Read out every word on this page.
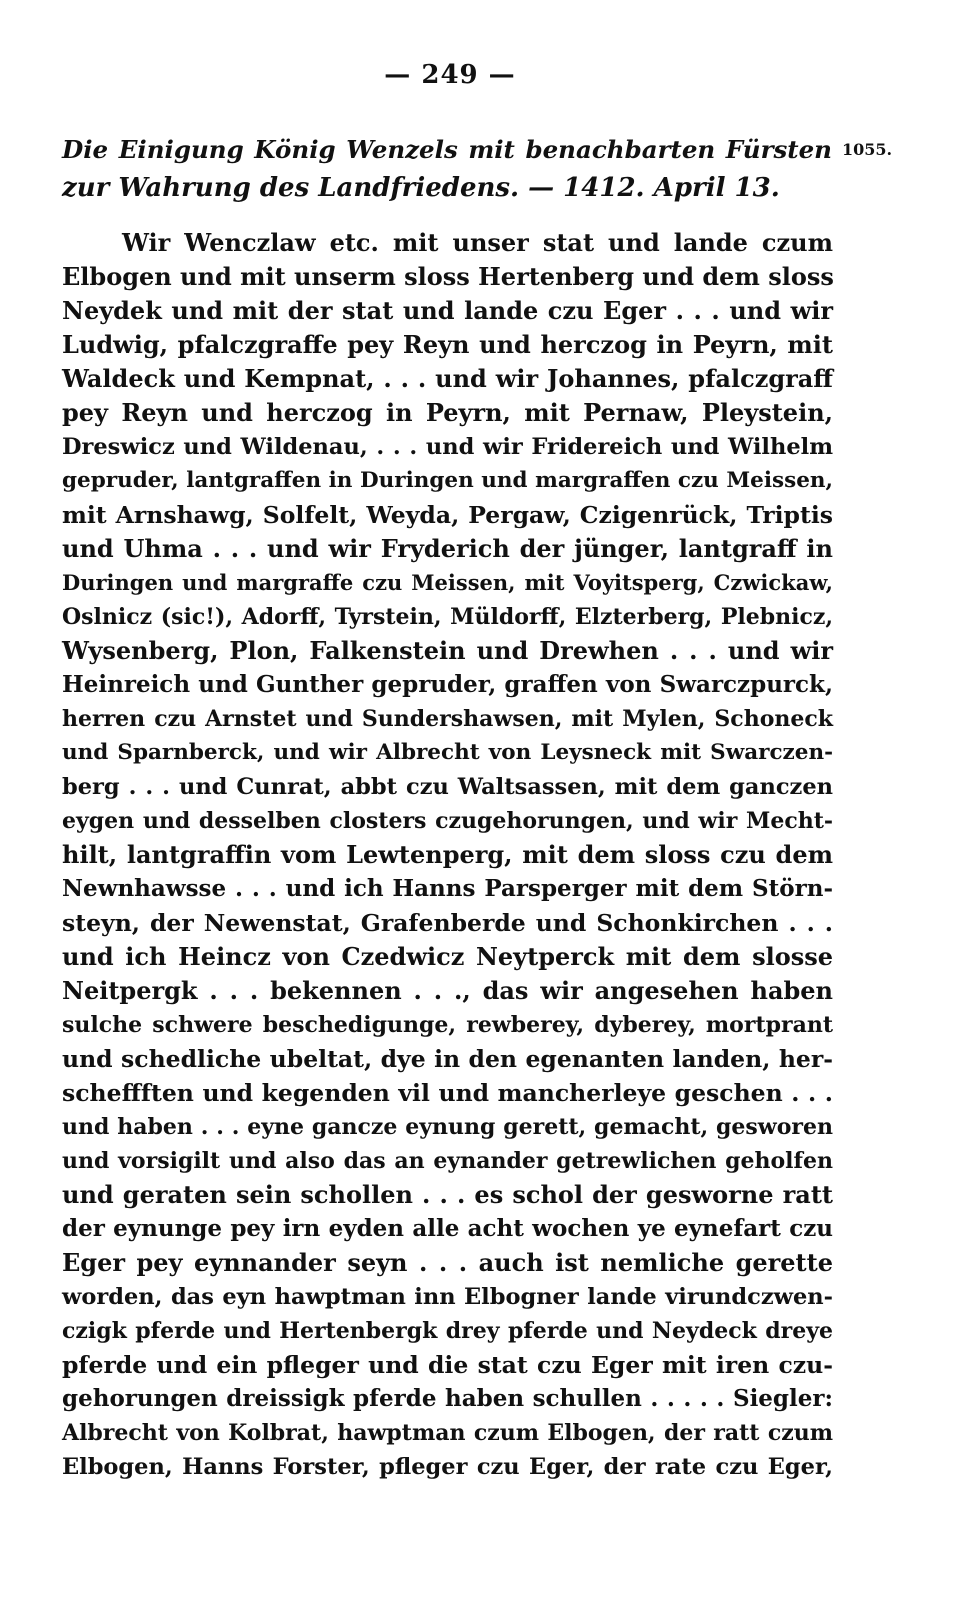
— 249 —
Die Einigung König Wenzels mit benachbarten Fürsten
zur Wahrung des Landfriedens. — 1412. April 13.
1055.
Wir Wenczlaw etc. mit unser stat und lande czum
Elbogen und mit unserm sloss Hertenberg und dem sloss
Neydek und mit der stat und lande czu Eger . . . und wir
Ludwig, pfalczgraffe pey Reyn und herczog in Peyrn, mit
Waldeck und Kempnat, . . . und wir Johannes, pfalczgraff
pey Reyn und herczog in Peyrn, mit Pernaw, Pleystein,
Dreswicz und Wildenau, . . . und wir Fridereich und Wilhelm
gepruder, lantgraffen in Duringen und margraffen czu Meissen,
mit Arnshawg, Solfelt, Weyda, Pergaw, Czigenrück, Triptis
und Uhma . . . und wir Fryderich der jünger, lantgraff in
Duringen und margraffe czu Meissen, mit Voyitsperg, Czwickaw,
Oslnicz (sic!), Adorff, Tyrstein, Müldorff, Elzterberg, Plebnicz,
Wysenberg, Plon, Falkenstein und Drewhen . . . und wir
Heinreich und Gunther gepruder, graffen von Swarczpurck,
herren czu Arnstet und Sundershawsen, mit Mylen, Schoneck
und Sparnberck, und wir Albrecht von Leysneck mit Swarczen-
berg . . . und Cunrat, abbt czu Waltsassen, mit dem ganczen
eygen und desselben closters czugehorungen, und wir Mecht-
hilt, lantgraffin vom Lewtenperg, mit dem sloss czu dem
Newnhawsse . . . und ich Hanns Parsperger mit dem Störn-
steyn, der Newenstat, Grafenberde und Schonkirchen . . .
und ich Heincz von Czedwicz Neytperck mit dem slosse
Neitpergk . . . bekennen . . ., das wir angesehen haben
sulche schwere beschedigunge, rewberey, dyberey, mortprant
und schedliche ubeltat, dye in den egenanten landen, her-
scheffften und kegenden vil und mancherleye geschen . . .
und haben . . . eyne gancze eynung gerett, gemacht, gesworen
und vorsigilt und also das an eynander getrewlichen geholfen
und geraten sein schollen . . . es schol der gesworne ratt
der eynunge pey irn eyden alle acht wochen ye eynefart czu
Eger pey eynnander seyn . . . auch ist nemliche gerette
worden, das eyn hawptman inn Elbogner lande virundczwen-
czigk pferde und Hertenbergk drey pferde und Neydeck dreye
pferde und ein pfleger und die stat czu Eger mit iren czu-
gehorungen dreissigk pferde haben schullen . . . . . Siegler:
Albrecht von Kolbrat, hawptman czum Elbogen, der ratt czum
Elbogen, Hanns Forster, pfleger czu Eger, der rate czu Eger,
